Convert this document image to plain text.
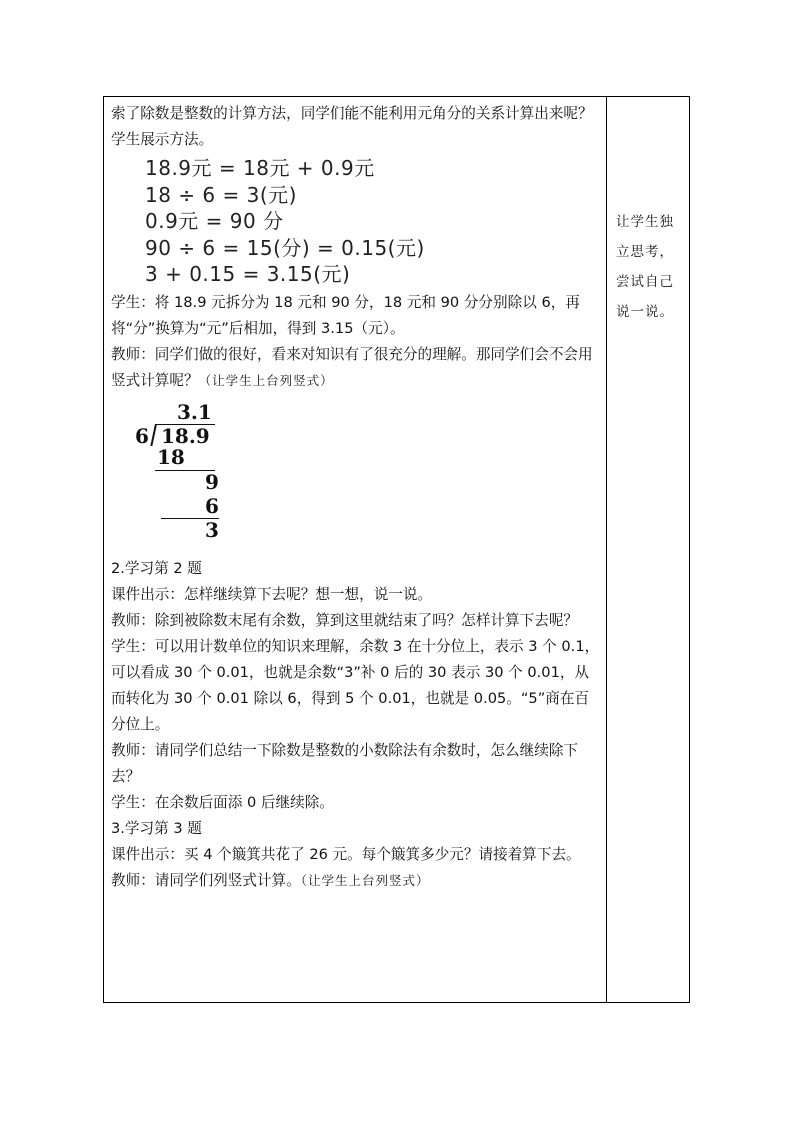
索了除数是整数的计算方法，同学们能不能利用元角分的关系计算出来呢？

学生展示方法。

18.9元 = 18元 + 0.9元
18 ÷ 6 = 3(元)
0.9元 = 90 分
90 ÷ 6 = 15(分) = 0.15(元)
3 + 0.15 = 3.15(元)

学生：将 18.9 元拆分为 18 元和 90 分，18 元和 90 分分别除以 6，再将“分”换算为“元”后相加，得到 3.15（元）。

教师：同学们做的很好，看来对知识有了很充分的理解。那同学们会不会用竖式计算呢？（让学生上台列竖式）

3.1
6 18.9
18
9
6
3

2.学习第 2 题

课件出示：怎样继续算下去呢？想一想，说一说。

教师：除到被除数末尾有余数，算到这里就结束了吗？怎样计算下去呢？

学生：可以用计数单位的知识来理解，余数 3 在十分位上，表示 3 个 0.1，可以看成 30 个 0.01，也就是余数“3”补 0 后的 30 表示 30 个 0.01，从而转化为 30 个 0.01 除以 6，得到 5 个 0.01，也就是 0.05。“5”商在百分位上。

教师：请同学们总结一下除数是整数的小数除法有余数时，怎么继续除下去？

学生：在余数后面添 0 后继续除。

3.学习第 3 题

课件出示：买 4 个簸箕共花了 26 元。每个簸箕多少元？请接着算下去。

教师：请同学们列竖式计算。（让学生上台列竖式）

让学生独立思考，尝试自己说一说。
